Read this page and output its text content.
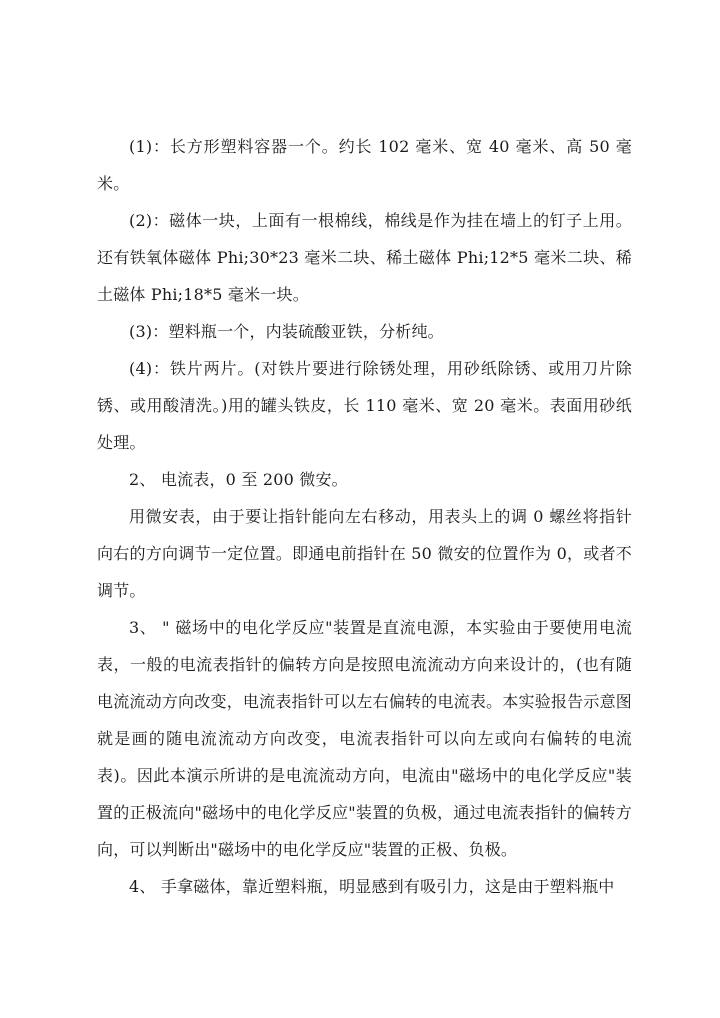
(1)：长方形塑料容器一个。约长 102 毫米、宽 40 毫米、高 50 毫米。

(2)：磁体一块，上面有一根棉线，棉线是作为挂在墙上的钉子上用。还有铁氧体磁体 Phi;30*23 毫米二块、稀土磁体 Phi;12*5 毫米二块、稀土磁体 Phi;18*5 毫米一块。

(3)：塑料瓶一个，内装硫酸亚铁，分析纯。

(4)：铁片两片。(对铁片要进行除锈处理，用砂纸除锈、或用刀片除锈、或用酸清洗。)用的罐头铁皮，长 110 毫米、宽 20 毫米。表面用砂纸处理。

2、 电流表，0 至 200 微安。

用微安表，由于要让指针能向左右移动，用表头上的调 0 螺丝将指针向右的方向调节一定位置。即通电前指针在 50 微安的位置作为 0，或者不调节。

3、 " 磁场中的电化学反应"装置是直流电源，本实验由于要使用电流表，一般的电流表指针的偏转方向是按照电流流动方向来设计的，(也有随电流流动方向改变，电流表指针可以左右偏转的电流表。本实验报告示意图就是画的随电流流动方向改变，电流表指针可以向左或向右偏转的电流表)。因此本演示所讲的是电流流动方向，电流由"磁场中的电化学反应"装置的正极流向"磁场中的电化学反应"装置的负极，通过电流表指针的偏转方向，可以判断出"磁场中的电化学反应"装置的正极、负极。

4、 手拿磁体，靠近塑料瓶，明显感到有吸引力，这是由于塑料瓶中
